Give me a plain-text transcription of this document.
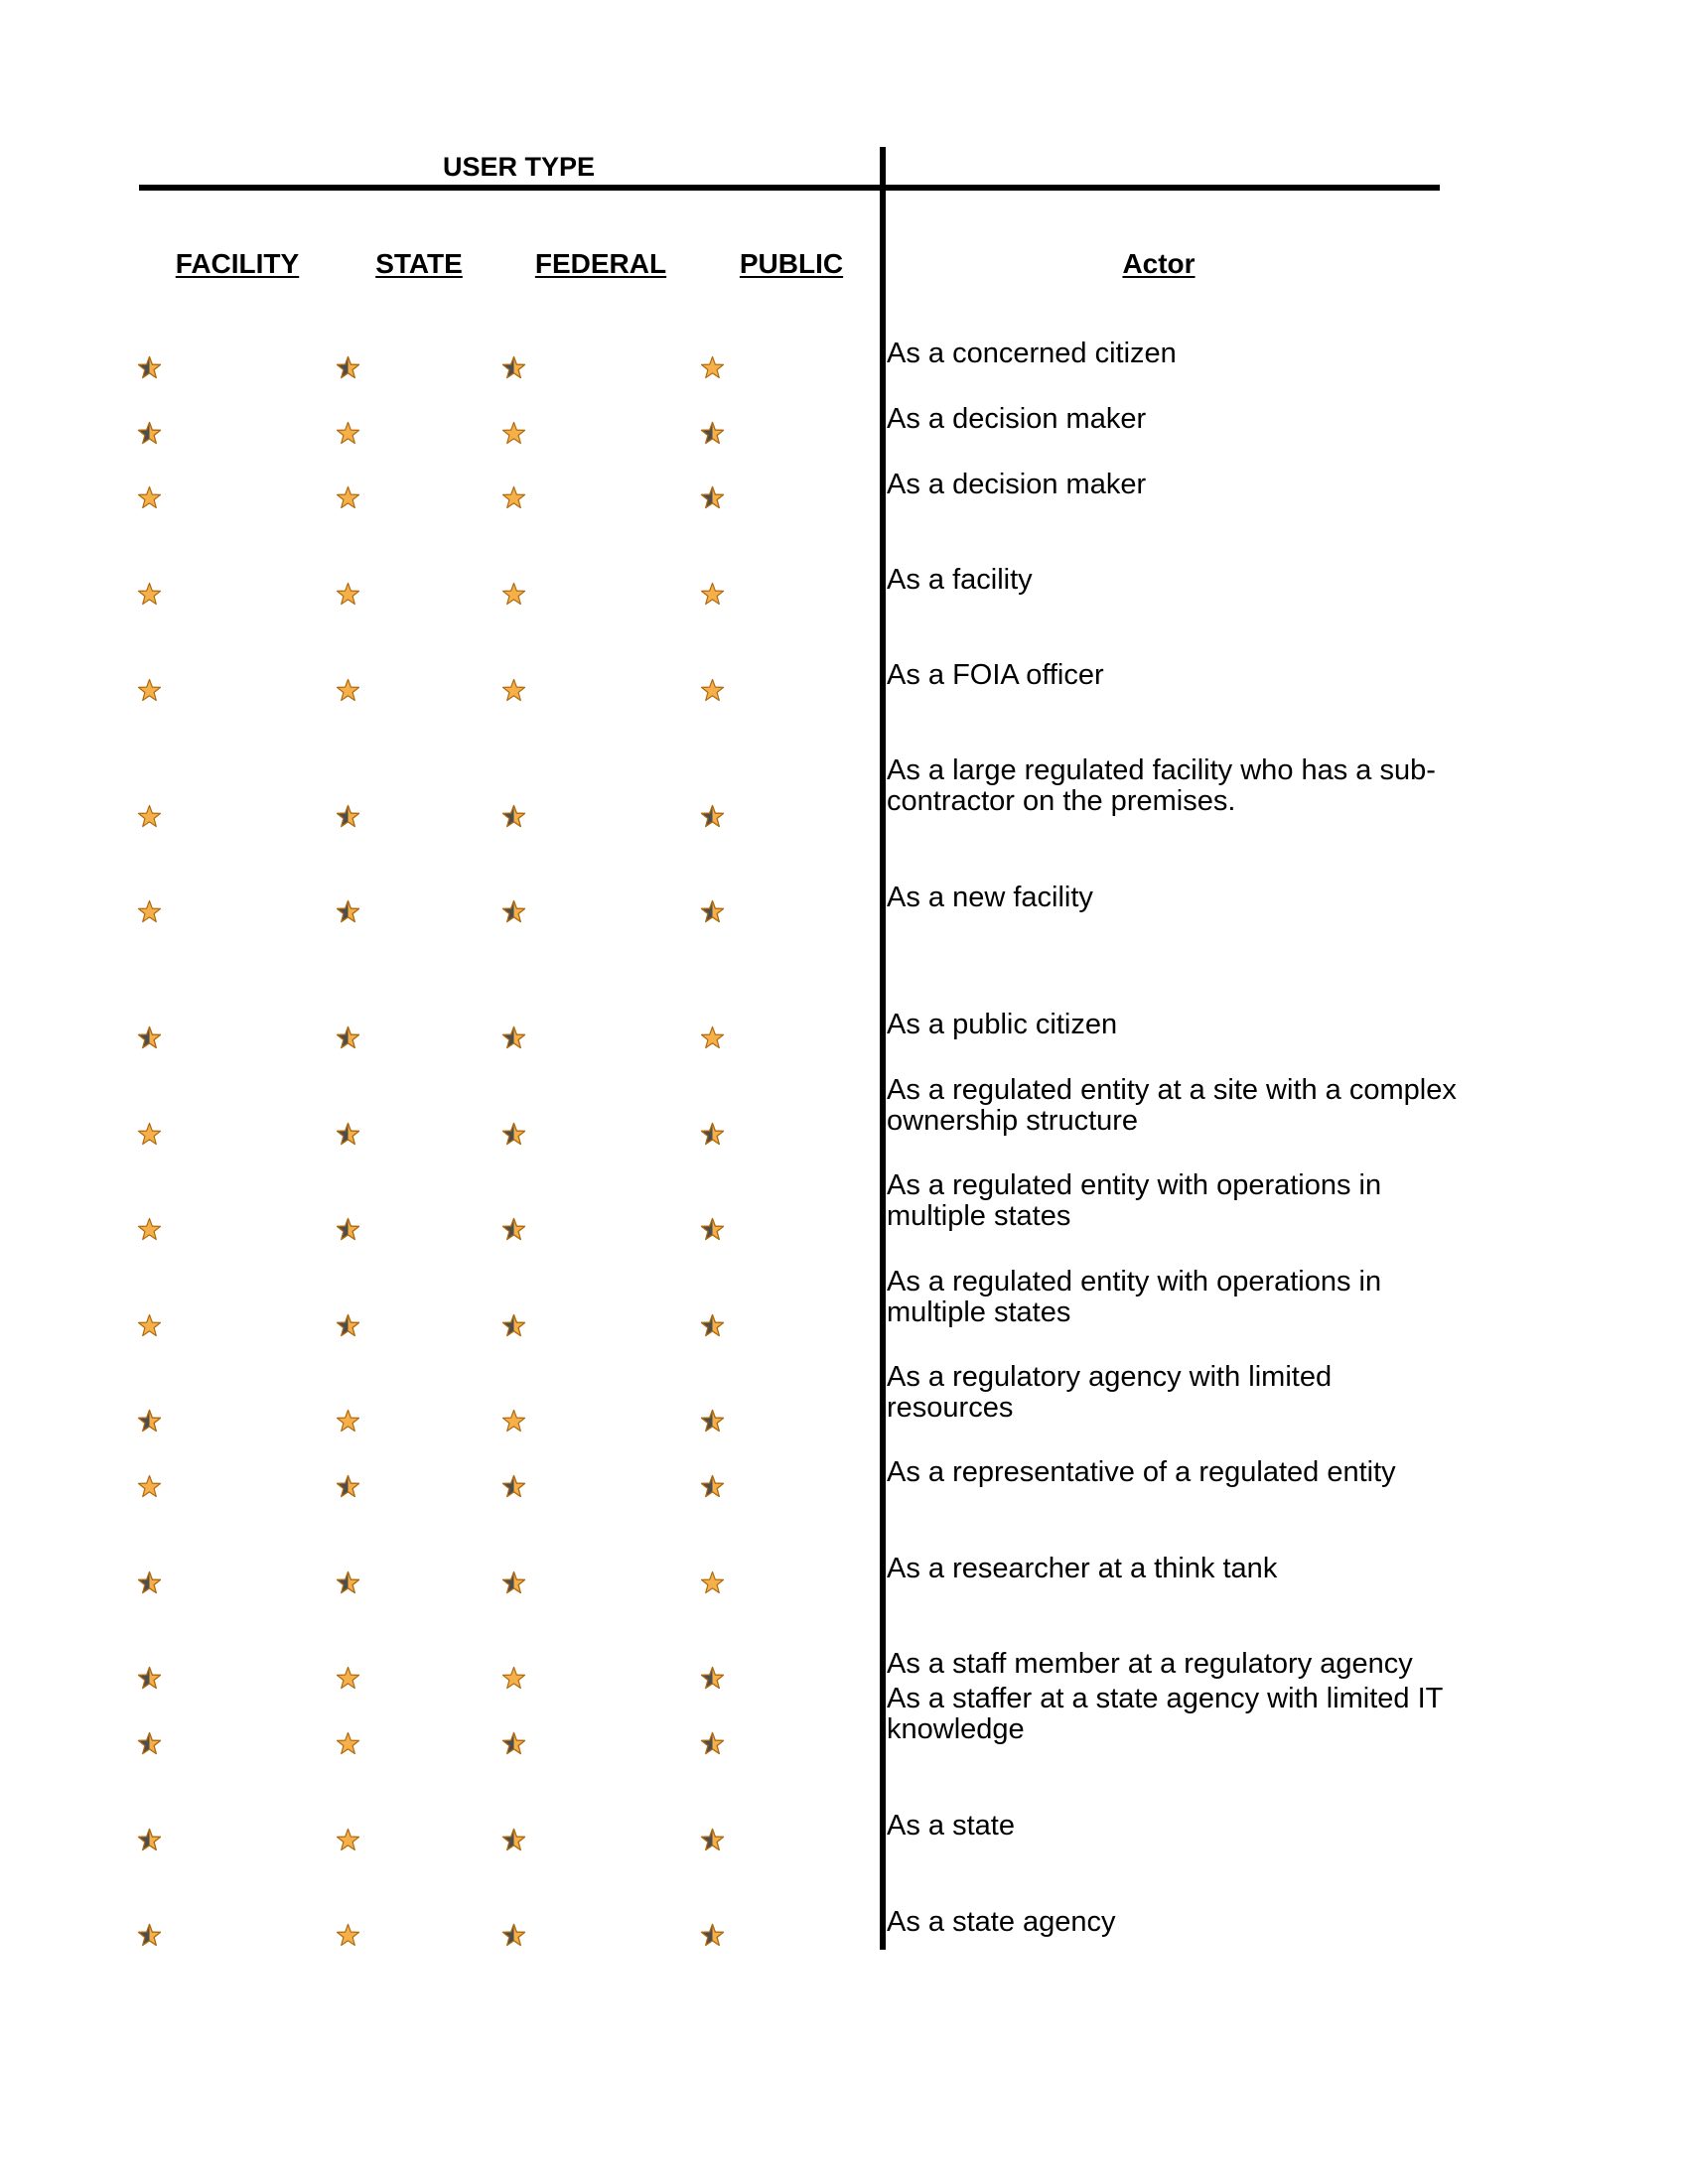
USER TYPE
FACILITY	STATE	FEDERAL	PUBLIC	Actor
As a concerned citizen
As a decision maker
As a decision maker
As a facility
As a FOIA officer
As a large regulated facility who has a sub-contractor on the premises.
As a new facility
As a public citizen
As a regulated entity at a site with a complex ownership structure
As a regulated entity with operations in multiple states
As a regulated entity with operations in multiple states
As a regulatory agency with limited resources
As a representative of a regulated entity
As a researcher at a think tank
As a staff member at a regulatory agency
As a staffer at a state agency with limited IT knowledge
As a state
As a state agency
